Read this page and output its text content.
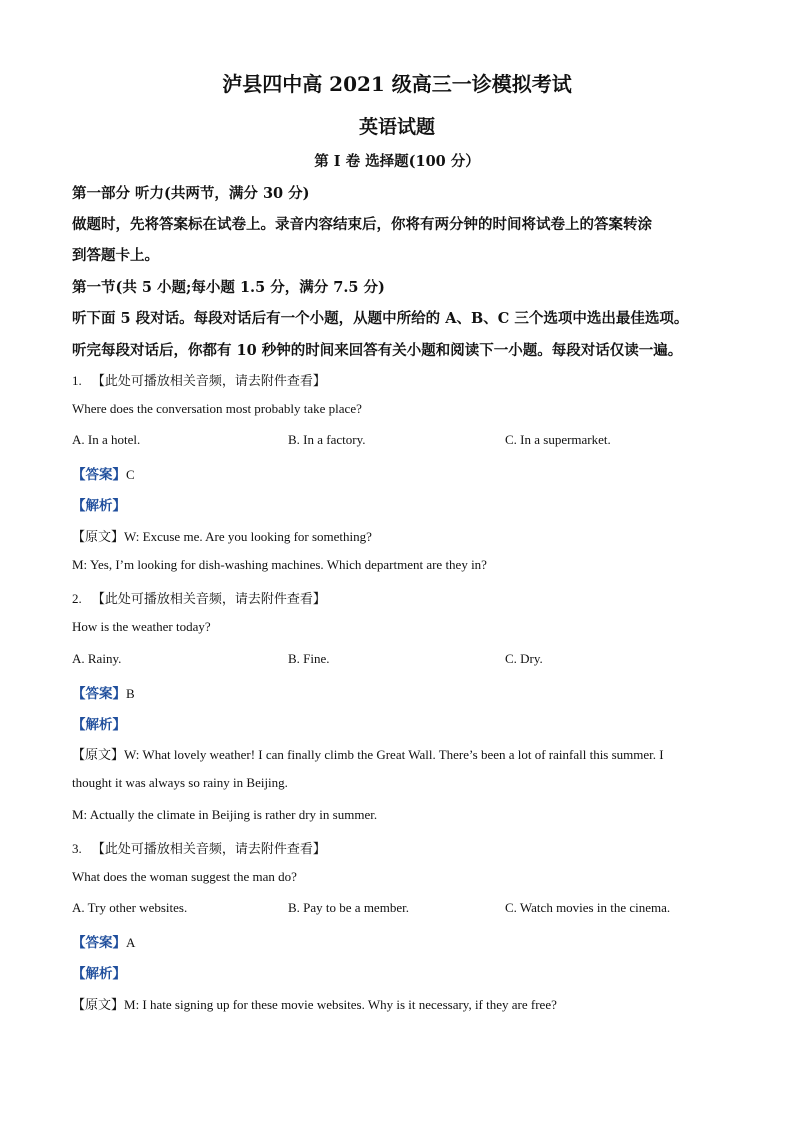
泸县四中高 2021 级高三一诊模拟考试
英语试题
第 I 卷 选择题(100 分）
第一部分 听力(共两节，满分 30 分)
做题时，先将答案标在试卷上。录音内容结束后，你将有两分钟的时间将试卷上的答案转涂
到答题卡上。
第一节(共 5 小题;每小题 1.5 分，满分 7.5 分)
听下面 5 段对话。每段对话后有一个小题，从题中所给的 A、B、C 三个选项中选出最佳选项。
听完每段对话后，你都有 10 秒钟的时间来回答有关小题和阅读下一小题。每段对话仅读一遍。
1. 【此处可播放相关音频，请去附件查看】
Where does the conversation most probably take place?
A. In a hotel.	B. In a factory.	C. In a supermarket.
【答案】C
【解析】
【原文】W: Excuse me. Are you looking for something?
M: Yes, I’m looking for dish-washing machines. Which department are they in?
2. 【此处可播放相关音频，请去附件查看】
How is the weather today?
A. Rainy.	B. Fine.	C. Dry.
【答案】B
【解析】
【原文】W: What lovely weather! I can finally climb the Great Wall. There’s been a lot of rainfall this summer. I
thought it was always so rainy in Beijing.
M: Actually the climate in Beijing is rather dry in summer.
3. 【此处可播放相关音频，请去附件查看】
What does the woman suggest the man do?
A. Try other websites.	B. Pay to be a member.	C. Watch movies in the cinema.
【答案】A
【解析】
【原文】M: I hate signing up for these movie websites. Why is it necessary, if they are free?
